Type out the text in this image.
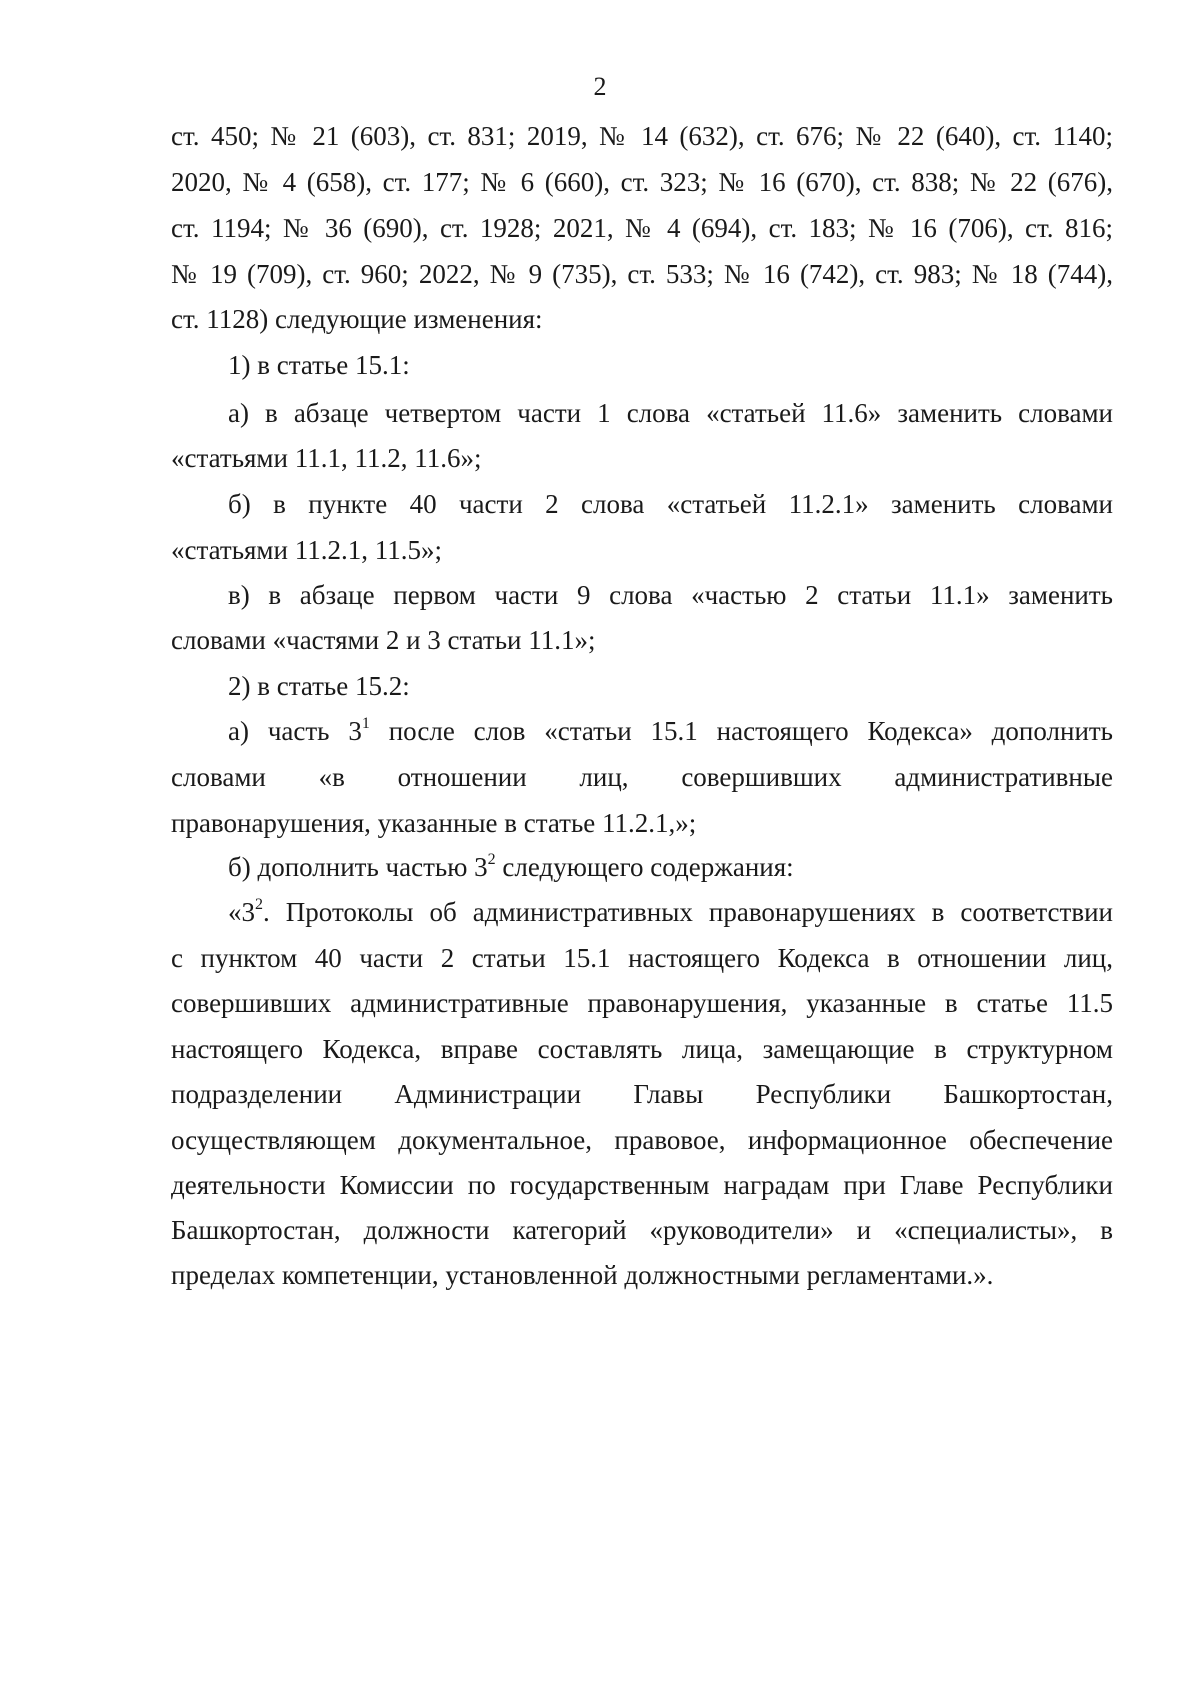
2
ст. 450; № 21 (603), ст. 831; 2019, № 14 (632), ст. 676; № 22 (640), ст. 1140;
2020, № 4 (658), ст. 177; № 6 (660), ст. 323; № 16 (670), ст. 838; № 22 (676),
ст. 1194; № 36 (690), ст. 1928; 2021, № 4 (694), ст. 183; № 16 (706), ст. 816;
№ 19 (709), ст. 960; 2022, № 9 (735), ст. 533; № 16 (742), ст. 983; № 18 (744),
ст. 1128) следующие изменения:
1) в статье 15.1:
а) в абзаце четвертом части 1 слова «статьей 11.6» заменить словами
«статьями 11.1, 11.2, 11.6»;
б) в пункте 40 части 2 слова «статьей 11.2.1» заменить словами
«статьями 11.2.1, 11.5»;
в) в абзаце первом части 9 слова «частью 2 статьи 11.1» заменить
словами «частями 2 и 3 статьи 11.1»;
2) в статье 15.2:
а) часть $3^1$ после слов «статьи 15.1 настоящего Кодекса» дополнить
словами «в отношении лиц, совершивших административные
правонарушения, указанные в статье 11.2.1,»;
б) дополнить частью $3^2$ следующего содержания:
«$3^2$. Протоколы об административных правонарушениях в соответствии
с пунктом 40 части 2 статьи 15.1 настоящего Кодекса в отношении лиц,
совершивших административные правонарушения, указанные в статье 11.5
настоящего Кодекса, вправе составлять лица, замещающие в структурном
подразделении Администрации Главы Республики Башкортостан,
осуществляющем документальное, правовое, информационное обеспечение
деятельности Комиссии по государственным наградам при Главе Республики
Башкортостан, должности категорий «руководители» и «специалисты», в
пределах компетенции, установленной должностными регламентами.».
